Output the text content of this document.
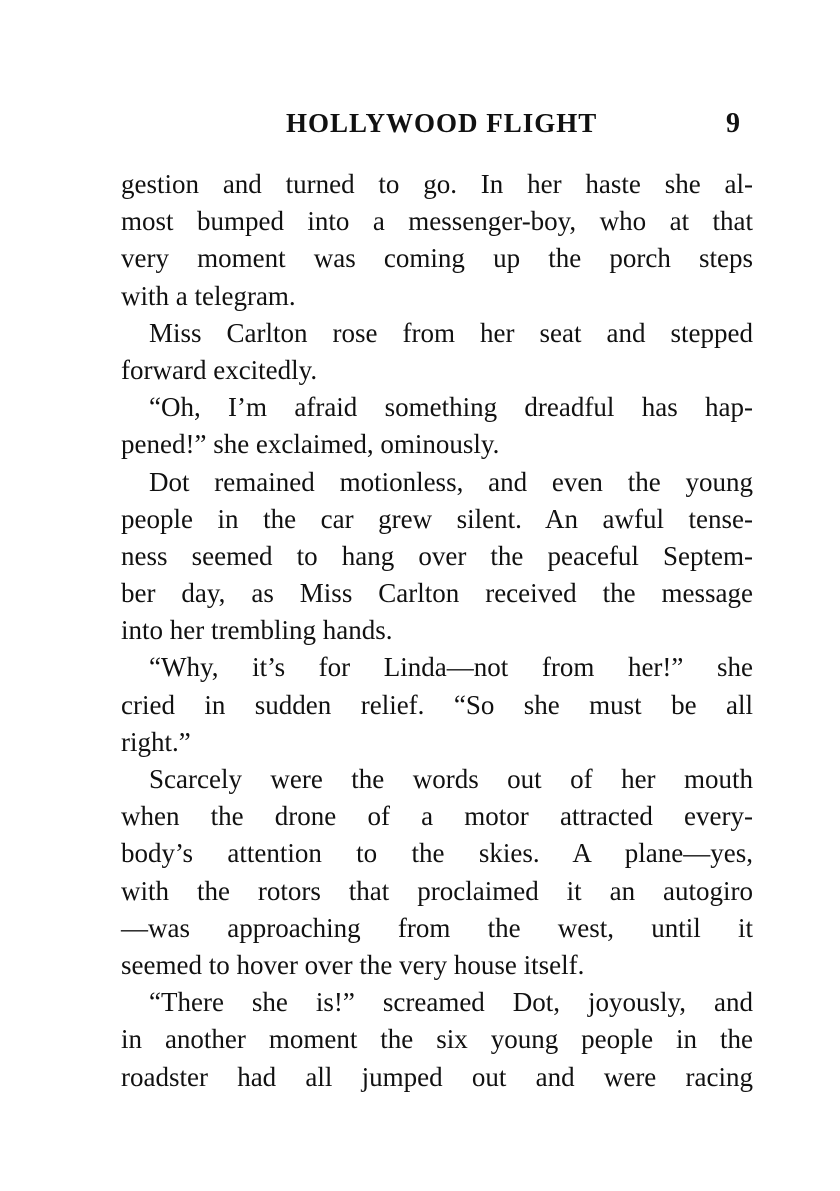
HOLLYWOOD FLIGHT	9
gestion and turned to go. In her haste she al-
most bumped into a messenger-boy, who at that
very moment was coming up the porch steps
with a telegram.
Miss Carlton rose from her seat and stepped
forward excitedly.
“Oh, I’m afraid something dreadful has hap-
pened!” she exclaimed, ominously.
Dot remained motionless, and even the young
people in the car grew silent. An awful tense-
ness seemed to hang over the peaceful Septem-
ber day, as Miss Carlton received the message
into her trembling hands.
“Why, it’s for Linda—not from her!” she
cried in sudden relief. “So she must be all
right.”
Scarcely were the words out of her mouth
when the drone of a motor attracted every-
body’s attention to the skies. A plane—yes,
with the rotors that proclaimed it an autogiro
—was approaching from the west, until it
seemed to hover over the very house itself.
“There she is!” screamed Dot, joyously, and
in another moment the six young people in the
roadster had all jumped out and were racing
